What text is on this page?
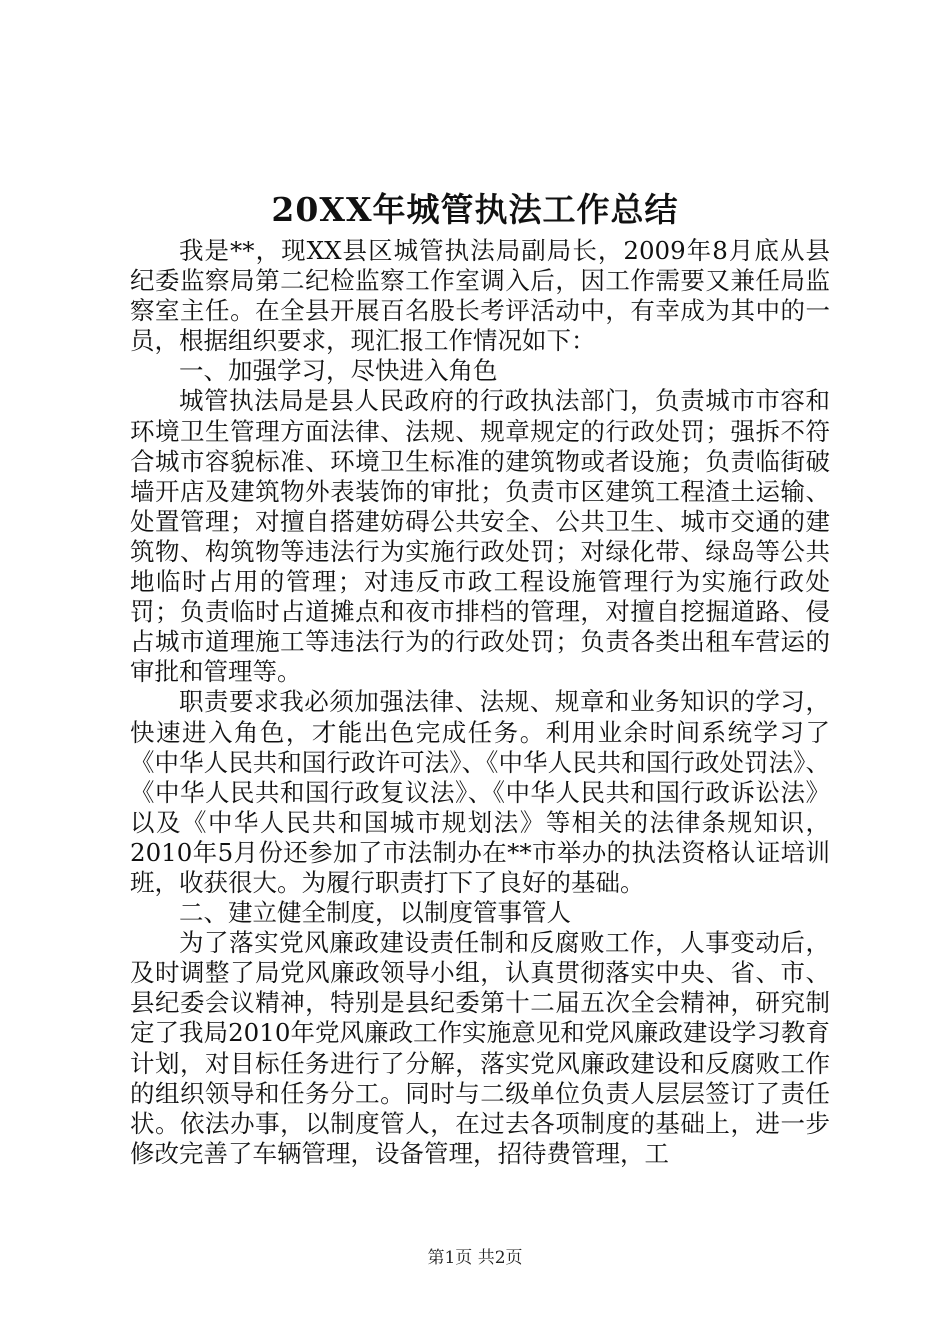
20XX年城管执法工作总结

我是**，现XX县区城管执法局副局长，2009年8月底从县纪委监察局第二纪检监察工作室调入后，因工作需要又兼任局监察室主任。在全县开展百名股长考评活动中，有幸成为其中的一员，根据组织要求，现汇报工作情况如下：

一、加强学习，尽快进入角色

城管执法局是县人民政府的行政执法部门，负责城市市容和环境卫生管理方面法律、法规、规章规定的行政处罚；强拆不符合城市容貌标准、环境卫生标准的建筑物或者设施；负责临街破墙开店及建筑物外表装饰的审批；负责市区建筑工程渣土运输、处置管理；对擅自搭建妨碍公共安全、公共卫生、城市交通的建筑物、构筑物等违法行为实施行政处罚；对绿化带、绿岛等公共地临时占用的管理；对违反市政工程设施管理行为实施行政处罚；负责临时占道摊点和夜市排档的管理，对擅自挖掘道路、侵占城市道理施工等违法行为的行政处罚；负责各类出租车营运的审批和管理等。

职责要求我必须加强法律、法规、规章和业务知识的学习，快速进入角色，才能出色完成任务。利用业余时间系统学习了《中华人民共和国行政许可法》、《中华人民共和国行政处罚法》、《中华人民共和国行政复议法》、《中华人民共和国行政诉讼法》以及《中华人民共和国城市规划法》等相关的法律条规知识，2010年5月份还参加了市法制办在**市举办的执法资格认证培训班，收获很大。为履行职责打下了良好的基础。

二、建立健全制度，以制度管事管人

为了落实党风廉政建设责任制和反腐败工作，人事变动后，及时调整了局党风廉政领导小组，认真贯彻落实中央、省、市、县纪委会议精神，特别是县纪委第十二届五次全会精神，研究制定了我局2010年党风廉政工作实施意见和党风廉政建设学习教育计划，对目标任务进行了分解，落实党风廉政建设和反腐败工作的组织领导和任务分工。同时与二级单位负责人层层签订了责任状。依法办事，以制度管人，在过去各项制度的基础上，进一步修改完善了车辆管理，设备管理，招待费管理，工

第1页 共2页
